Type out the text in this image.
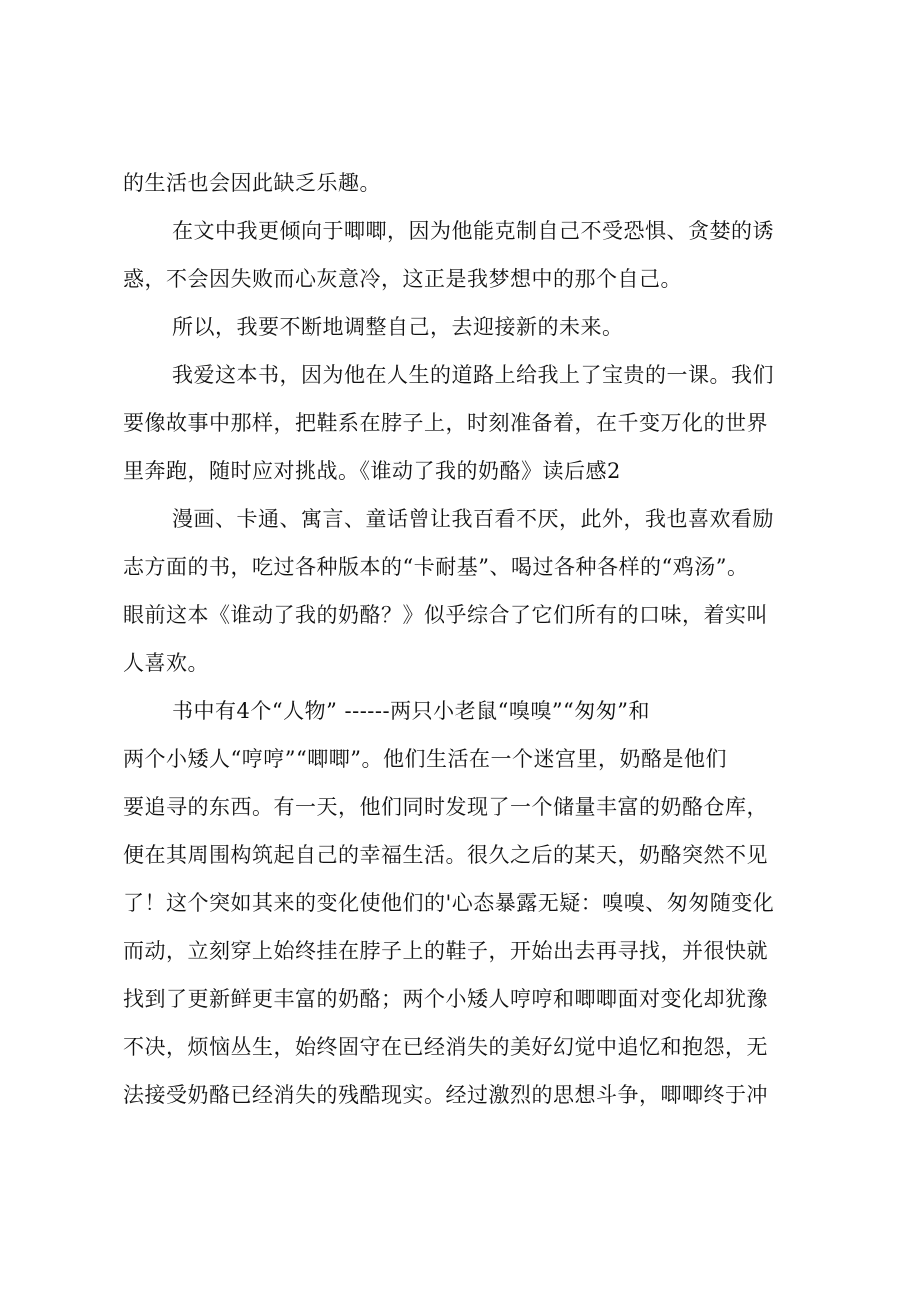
的生活也会因此缺乏乐趣。
在文中我更倾向于唧唧，因为他能克制自己不受恐惧、贪婪的诱
惑，不会因失败而心灰意冷，这正是我梦想中的那个自己。
所以，我要不断地调整自己，去迎接新的未来。
我爱这本书，因为他在人生的道路上给我上了宝贵的一课。我们
要像故事中那样，把鞋系在脖子上，时刻准备着，在千变万化的世界
里奔跑，随时应对挑战。《谁动了我的奶酪》读后感2
漫画、卡通、寓言、童话曾让我百看不厌，此外，我也喜欢看励
志方面的书，吃过各种版本的“卡耐基”、喝过各种各样的“鸡汤”。
眼前这本《谁动了我的奶酪？》似乎综合了它们所有的口味，着实叫
人喜欢。
书中有4个“人物” ------两只小老鼠“嗅嗅”“匆匆”和
两个小矮人“哼哼”“唧唧”。他们生活在一个迷宫里，奶酪是他们
要追寻的东西。有一天，他们同时发现了一个储量丰富的奶酪仓库，
便在其周围构筑起自己的幸福生活。很久之后的某天，奶酪突然不见
了！这个突如其来的变化使他们的'心态暴露无疑：嗅嗅、匆匆随变化
而动，立刻穿上始终挂在脖子上的鞋子，开始出去再寻找，并很快就
找到了更新鲜更丰富的奶酪；两个小矮人哼哼和唧唧面对变化却犹豫
不决，烦恼丛生，始终固守在已经消失的美好幻觉中追忆和抱怨，无
法接受奶酪已经消失的残酷现实。经过激烈的思想斗争，唧唧终于冲
